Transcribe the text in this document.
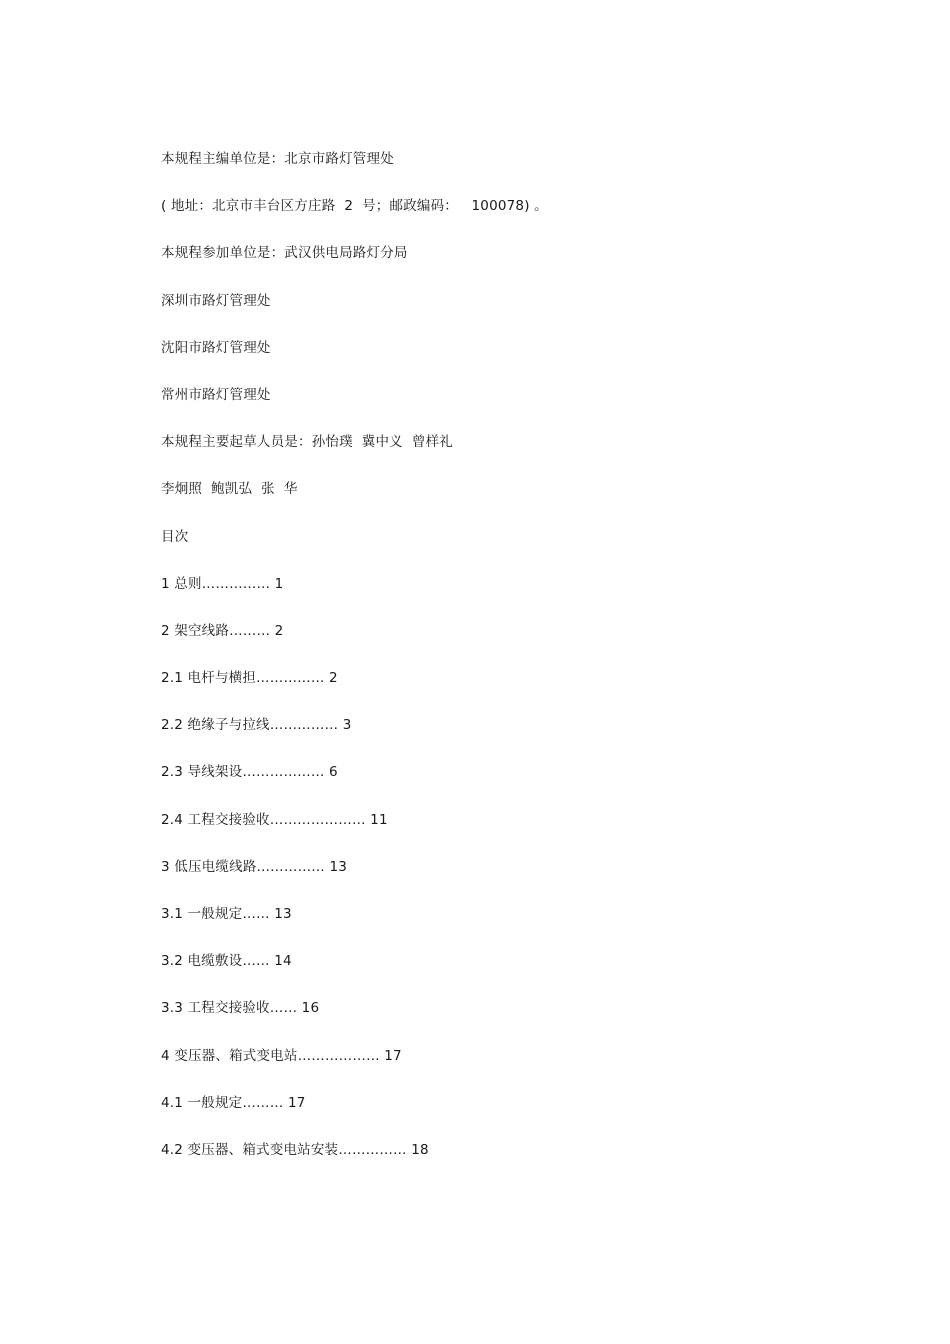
本规程主编单位是：北京市路灯管理处
( 地址：北京市丰台区方庄路  2  号；邮政编码：   100078) 。
本规程参加单位是：武汉供电局路灯分局
深圳市路灯管理处
沈阳市路灯管理处
常州市路灯管理处
本规程主要起草人员是：孙怡璞  冀中义  曾样礼
李炯照  鲍凯弘  张  华
目次
1 总则…………… 1
2 架空线路……… 2
2.1 电杆与横担…………… 2
2.2 绝缘子与拉线…………… 3
2.3 导线架设……………… 6
2.4 工程交接验收………………… 11
3 低压电缆线路…………… 13
3.1 一般规定…… 13
3.2 电缆敷设…… 14
3.3 工程交接验收…… 16
4 变压器、箱式变电站……………… 17
4.1 一般规定……… 17
4.2 变压器、箱式变电站安装…………… 18
